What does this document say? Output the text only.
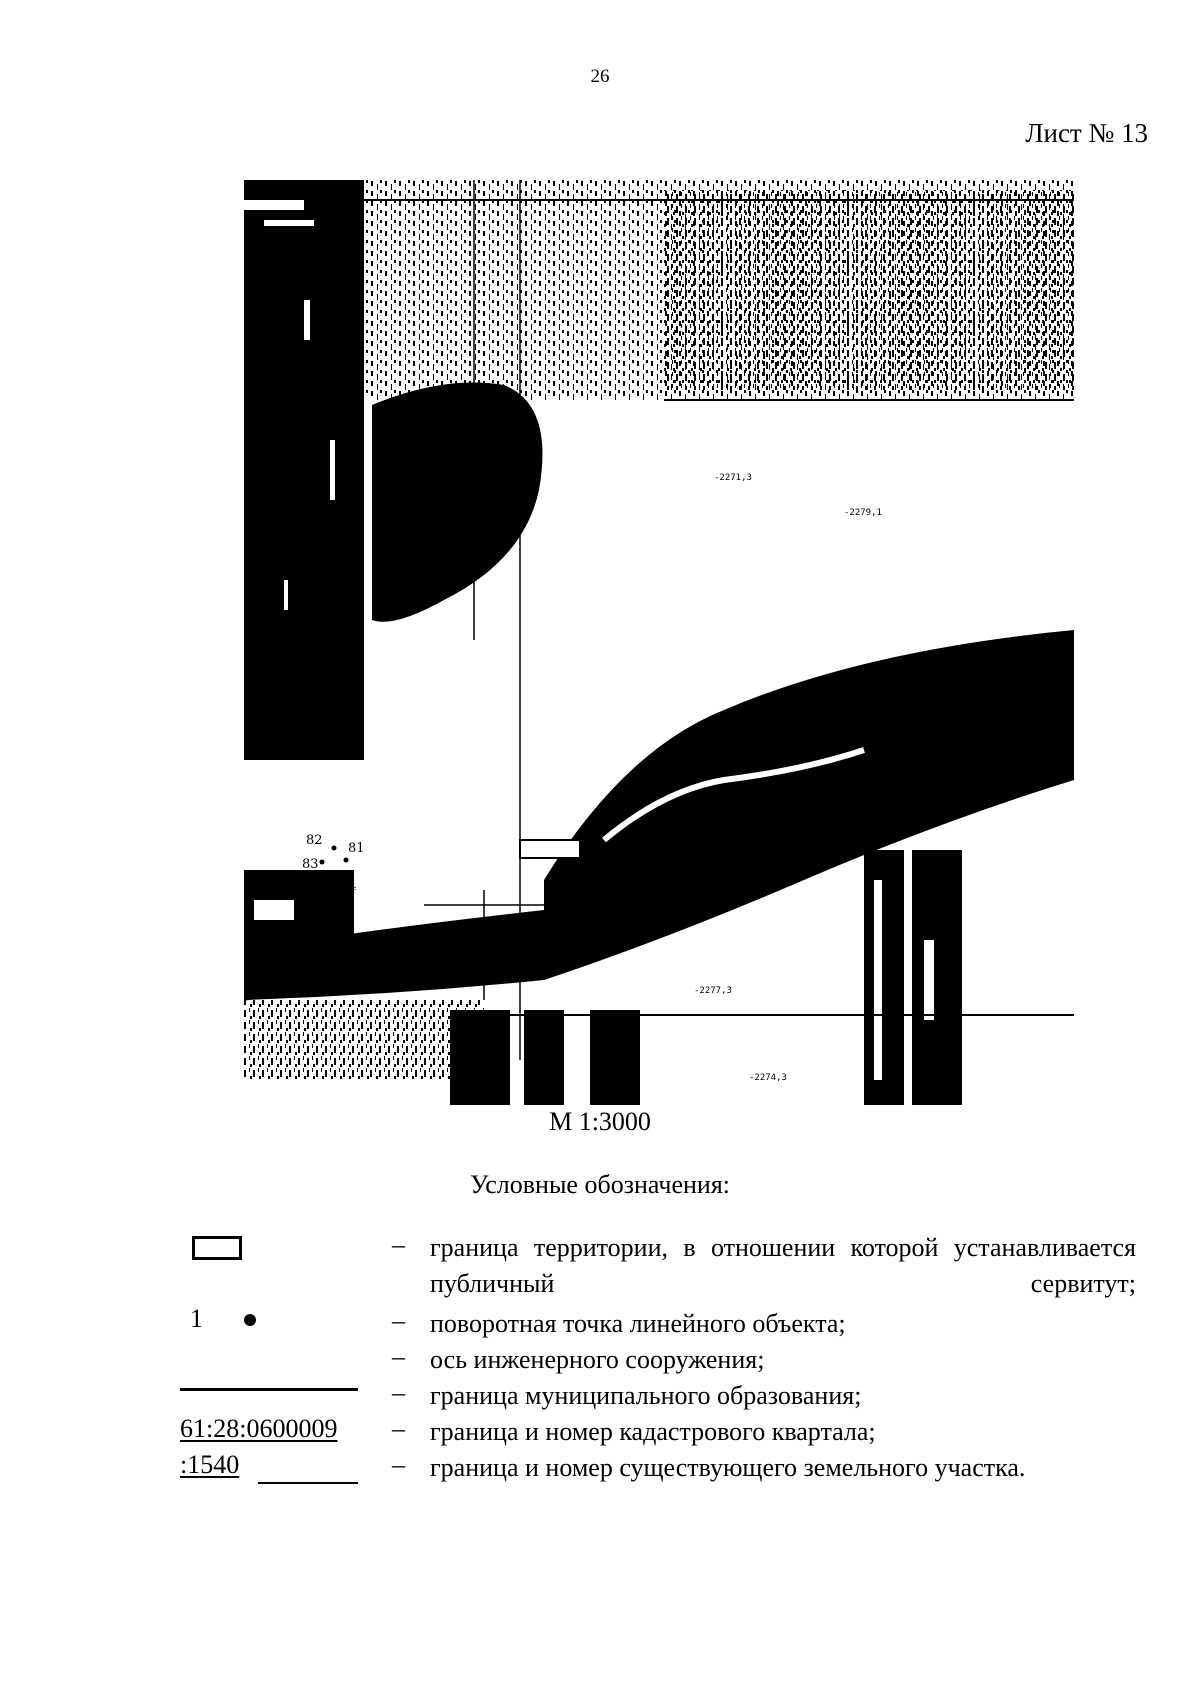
26
Лист № 13
-2271,3
-2279,1
-2277,3
-2274,3
82
81
83
84
М 1:3000
Условные обозначения:
– граница территории, в отношении которой устанавливается публичный сервитут;
1	– поворотная точка линейного объекта;
– ось инженерного сооружения;
– граница муниципального образования;
61:28:0600009 – граница и номер кадастрового квартала;
:1540	– граница и номер существующего земельного участка.
